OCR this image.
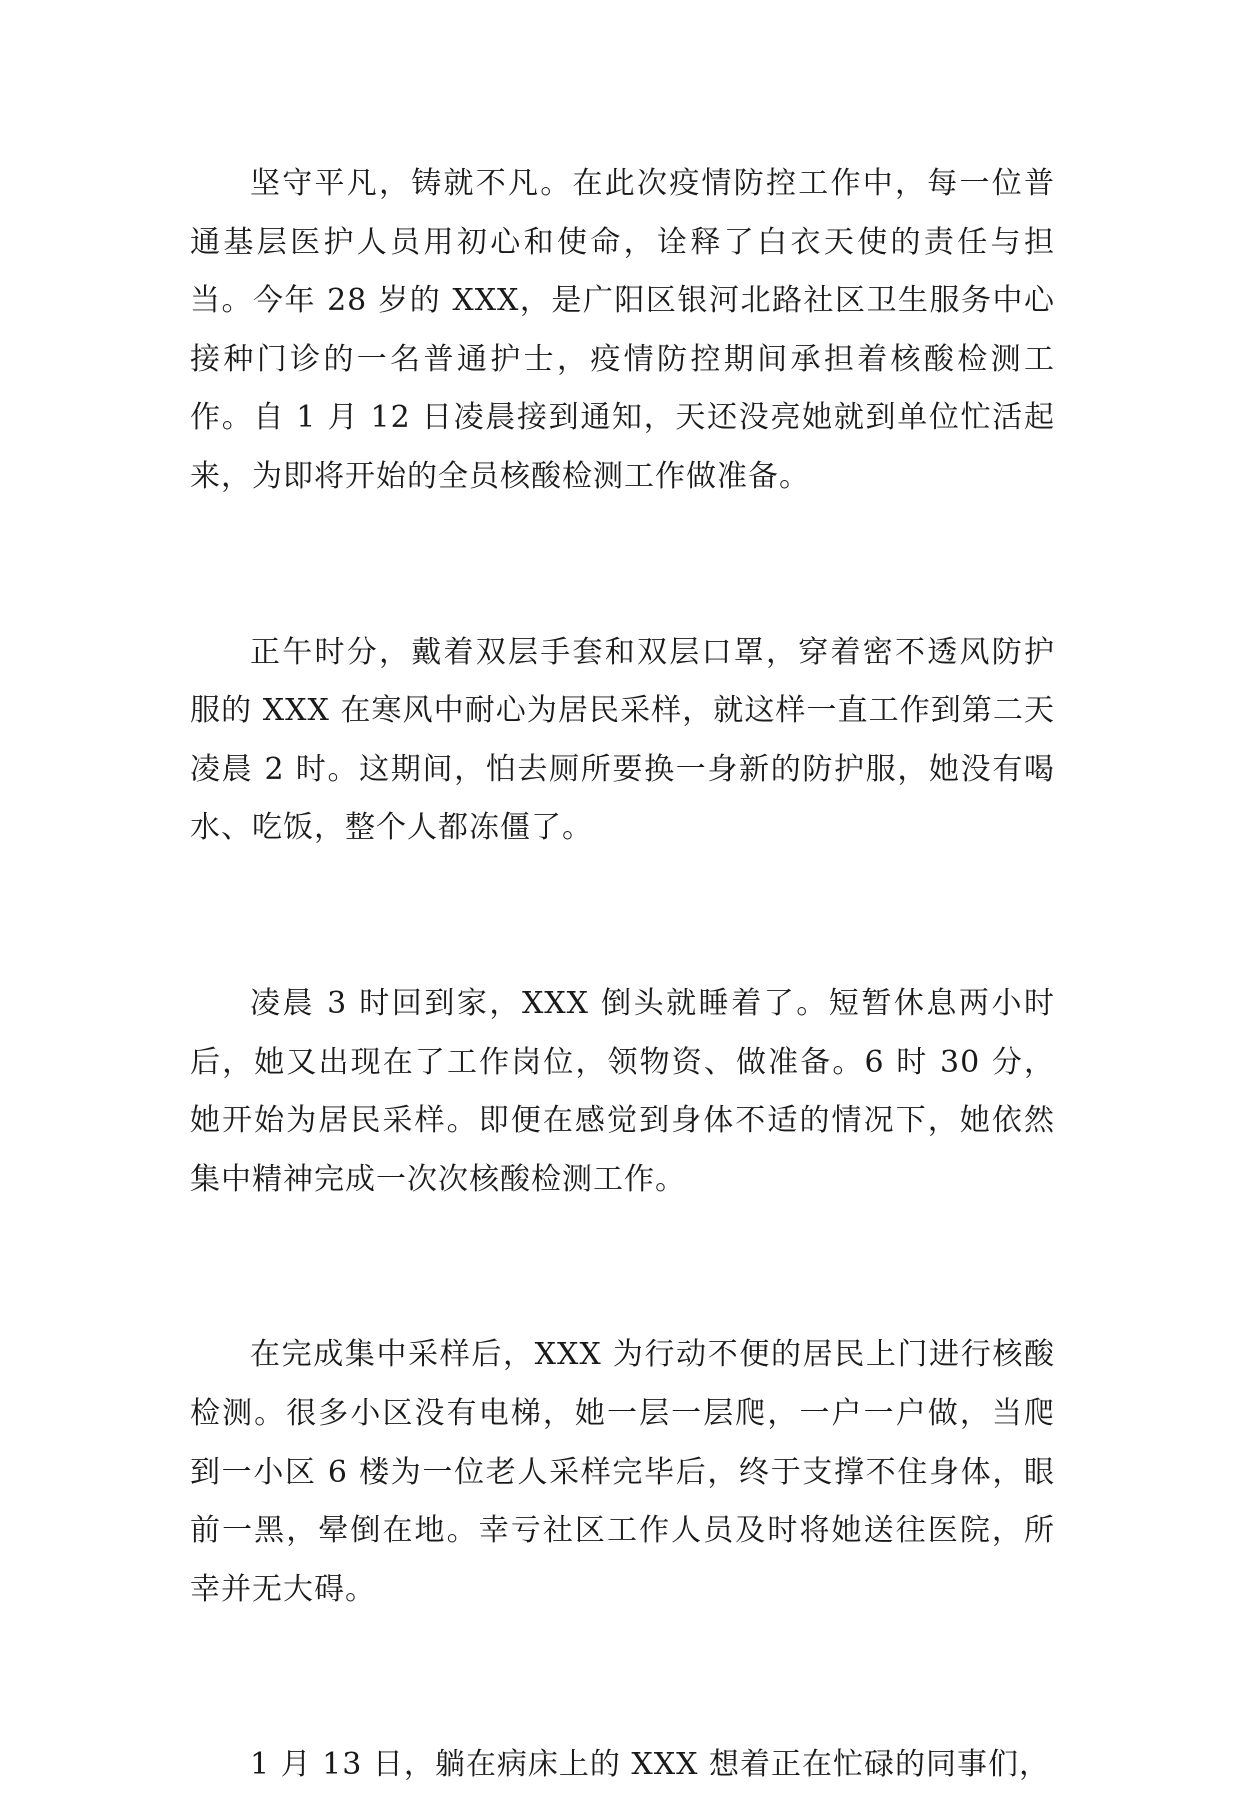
坚守平凡，铸就不凡。在此次疫情防控工作中，每一位普通基层医护人员用初心和使命，诠释了白衣天使的责任与担当。今年 28 岁的 XXX，是广阳区银河北路社区卫生服务中心接种门诊的一名普通护士，疫情防控期间承担着核酸检测工作。自 1 月 12 日凌晨接到通知，天还没亮她就到单位忙活起来，为即将开始的全员核酸检测工作做准备。

正午时分，戴着双层手套和双层口罩，穿着密不透风防护服的 XXX 在寒风中耐心为居民采样，就这样一直工作到第二天凌晨 2 时。这期间，怕去厕所要换一身新的防护服，她没有喝水、吃饭，整个人都冻僵了。

凌晨 3 时回到家，XXX 倒头就睡着了。短暂休息两小时后，她又出现在了工作岗位，领物资、做准备。6 时 30 分，她开始为居民采样。即便在感觉到身体不适的情况下，她依然集中精神完成一次次核酸检测工作。

在完成集中采样后，XXX 为行动不便的居民上门进行核酸检测。很多小区没有电梯，她一层一层爬，一户一户做，当爬到一小区 6 楼为一位老人采样完毕后，终于支撑不住身体，眼前一黑，晕倒在地。幸亏社区工作人员及时将她送往医院，所幸并无大碍。

1 月 13 日，躺在病床上的 XXX 想着正在忙碌的同事们，
